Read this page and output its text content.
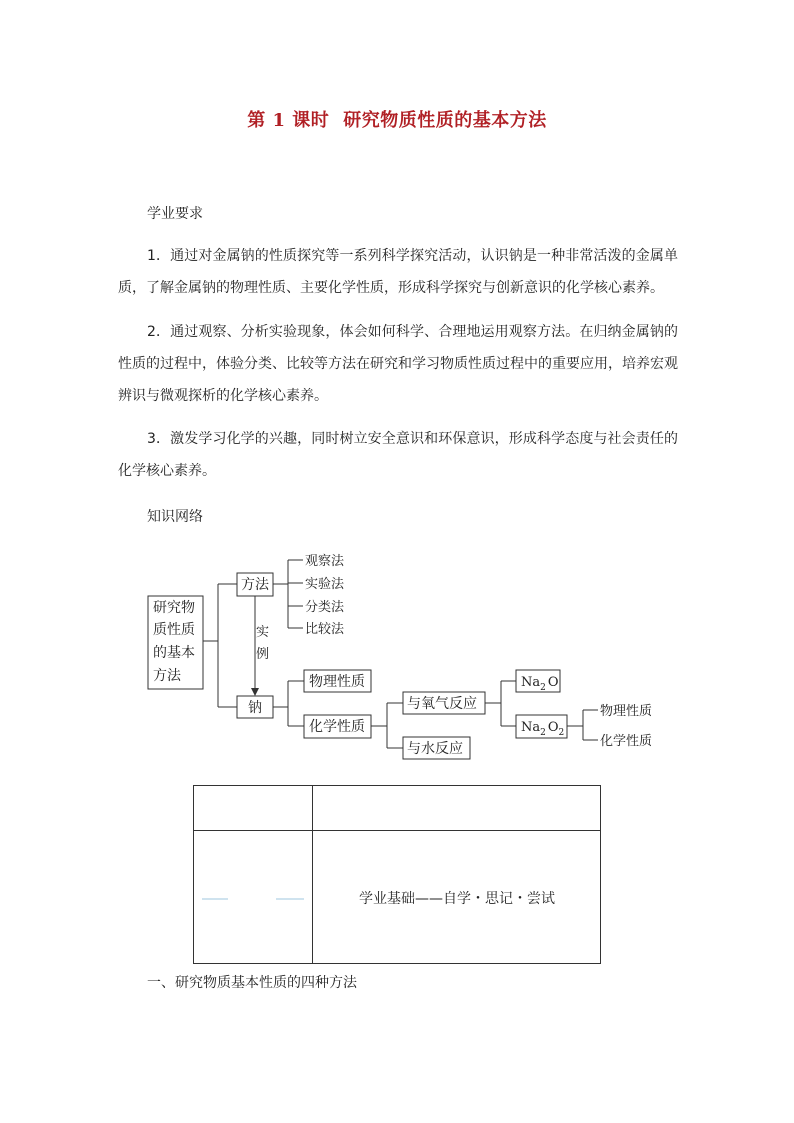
第 1 课时 研究物质性质的基本方法
学业要求

1．通过对金属钠的性质探究等一系列科学探究活动，认识钠是一种非常活泼的金属单质，了解金属钠的物理性质、主要化学性质，形成科学探究与创新意识的化学核心素养。

2．通过观察、分析实验现象，体会如何科学、合理地运用观察方法。在归纳金属钠的性质的过程中，体验分类、比较等方法在研究和学习物质性质过程中的重要应用，培养宏观辨识与微观探析的化学核心素养。

3．激发学习化学的兴趣，同时树立安全意识和环保意识，形成科学态度与社会责任的化学核心素养。

知识网络
研究物
质性质
的基本
方法
方法
观察法
实验法
分类法
比较法
实
例
钠
物理性质
化学性质
与氧气反应
与水反应
$Na_2$ O
$Na_2$ $O_2$
物理性质
化学性质
学业基础——自学・思记・尝试
一、研究物质基本性质的四种方法
